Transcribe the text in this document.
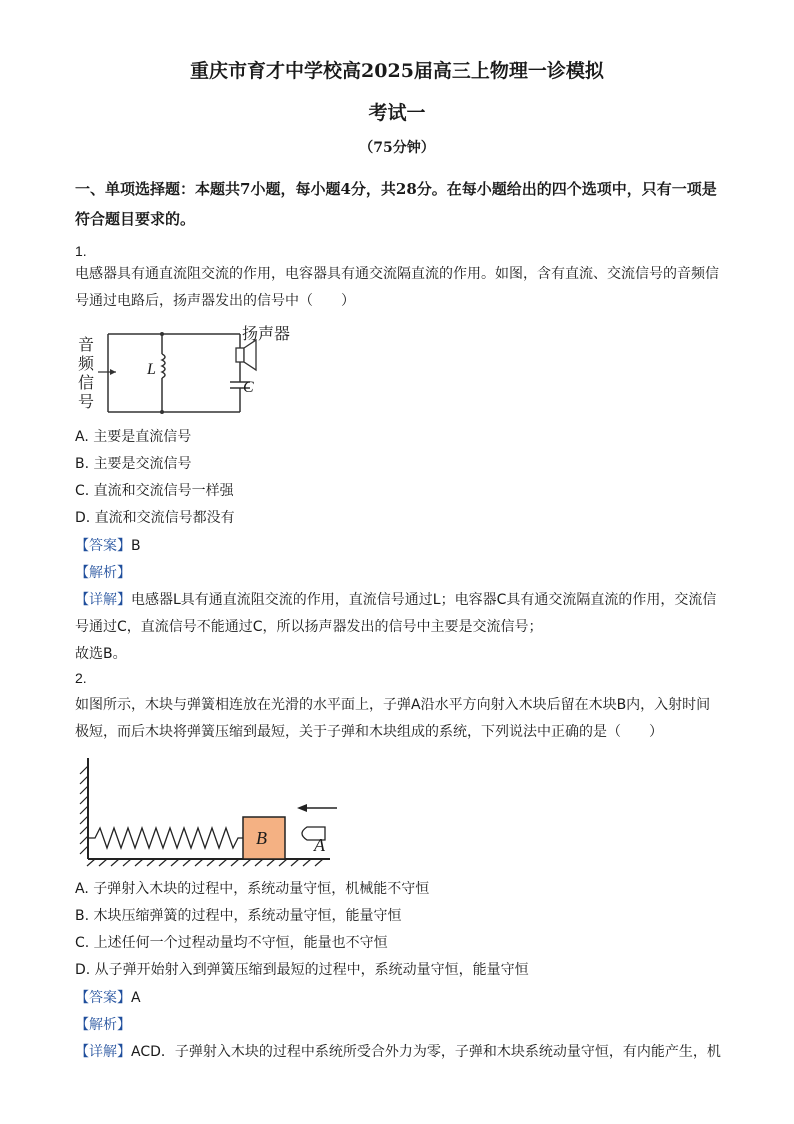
重庆市育才中学校高2025届高三上物理一诊模拟
考试一
（75分钟）
一、单项选择题：本题共7小题，每小题4分，共28分。在每小题给出的四个选项中，只有一项是符合题目要求的。
1.
电感器具有通直流阻交流的作用，电容器具有通交流隔直流的作用。如图，含有直流、交流信号的音频信
号通过电路后，扬声器发出的信号中（　　）
音
频
信
号
L
C
扬声器
A. 主要是直流信号
B. 主要是交流信号
C. 直流和交流信号一样强
D. 直流和交流信号都没有
【答案】B
【解析】
【详解】电感器L具有通直流阻交流的作用，直流信号通过L；电容器C具有通交流隔直流的作用，交流信
号通过C，直流信号不能通过C，所以扬声器发出的信号中主要是交流信号；
故选B。
2.
如图所示，木块与弹簧相连放在光滑的水平面上，子弹A沿水平方向射入木块后留在木块B内，入射时间
极短，而后木块将弹簧压缩到最短，关于子弹和木块组成的系统，下列说法中正确的是（　　）
B	A
A. 子弹射入木块的过程中，系统动量守恒，机械能不守恒
B. 木块压缩弹簧的过程中，系统动量守恒，能量守恒
C. 上述任何一个过程动量均不守恒，能量也不守恒
D. 从子弹开始射入到弹簧压缩到最短的过程中，系统动量守恒，能量守恒
【答案】A
【解析】
【详解】ACD．子弹射入木块的过程中系统所受合外力为零，子弹和木块系统动量守恒，有内能产生，机
